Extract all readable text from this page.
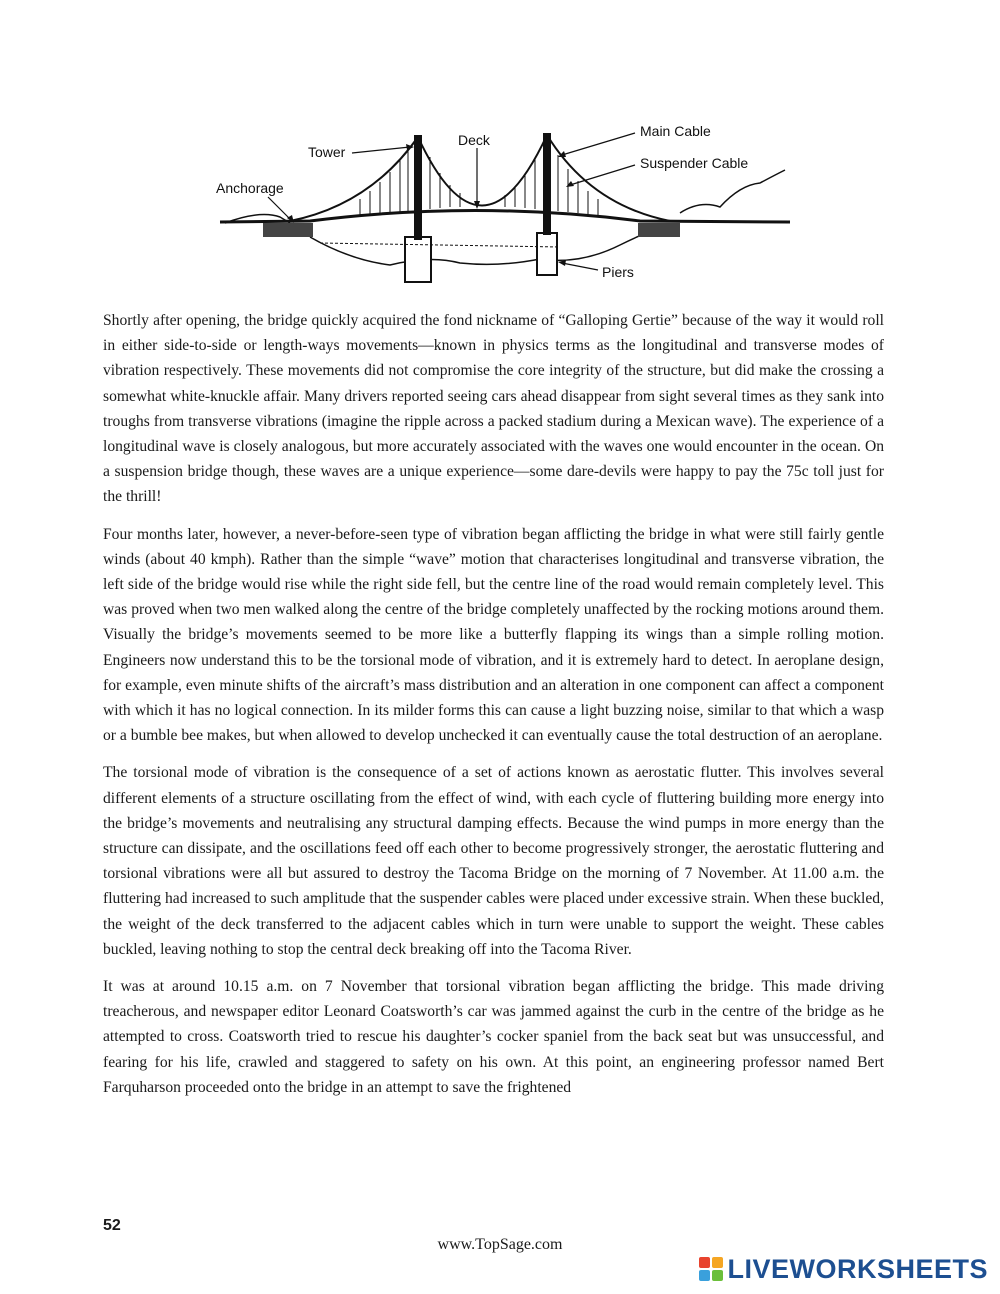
Tower
Deck
Main Cable
Suspender Cable
Anchorage
Piers

Shortly after opening, the bridge quickly acquired the fond nickname of “Galloping Gertie” because of the way it would roll in either side-to-side or length-ways movements—known in physics terms as the longitudinal and transverse modes of vibration respectively. These movements did not compromise the core integrity of the structure, but did make the crossing a somewhat white-knuckle affair. Many drivers reported seeing cars ahead disappear from sight several times as they sank into troughs from transverse vibrations (imagine the ripple across a packed stadium during a Mexican wave). The experience of a longitudinal wave is closely analogous, but more accurately associated with the waves one would encounter in the ocean. On a suspension bridge though, these waves are a unique experience—some dare-devils were happy to pay the 75c toll just for the thrill!

Four months later, however, a never-before-seen type of vibration began afflicting the bridge in what were still fairly gentle winds (about 40 kmph). Rather than the simple “wave” motion that characterises longitudinal and transverse vibration, the left side of the bridge would rise while the right side fell, but the centre line of the road would remain completely level. This was proved when two men walked along the centre of the bridge completely unaffected by the rocking motions around them. Visually the bridge’s movements seemed to be more like a butterfly flapping its wings than a simple rolling motion. Engineers now understand this to be the torsional mode of vibration, and it is extremely hard to detect. In aeroplane design, for example, even minute shifts of the aircraft’s mass distribution and an alteration in one component can affect a component with which it has no logical connection. In its milder forms this can cause a light buzzing noise, similar to that which a wasp or a bumble bee makes, but when allowed to develop unchecked it can eventually cause the total destruction of an aeroplane.

The torsional mode of vibration is the consequence of a set of actions known as aerostatic flutter. This involves several different elements of a structure oscillating from the effect of wind, with each cycle of fluttering building more energy into the bridge’s movements and neutralising any structural damping effects. Because the wind pumps in more energy than the structure can dissipate, and the oscillations feed off each other to become progressively stronger, the aerostatic fluttering and torsional vibrations were all but assured to destroy the Tacoma Bridge on the morning of 7 November. At 11.00 a.m. the fluttering had increased to such amplitude that the suspender cables were placed under excessive strain. When these buckled, the weight of the deck transferred to the adjacent cables which in turn were unable to support the weight. These cables buckled, leaving nothing to stop the central deck breaking off into the Tacoma River.

It was at around 10.15 a.m. on 7 November that torsional vibration began afflicting the bridge. This made driving treacherous, and newspaper editor Leonard Coatsworth’s car was jammed against the curb in the centre of the bridge as he attempted to cross. Coatsworth tried to rescue his daughter’s cocker spaniel from the back seat but was unsuccessful, and fearing for his life, crawled and staggered to safety on his own. At this point, an engineering professor named Bert Farquharson proceeded onto the bridge in an attempt to save the frightened

52
www.TopSage.com
LIVEWORKSHEETS
